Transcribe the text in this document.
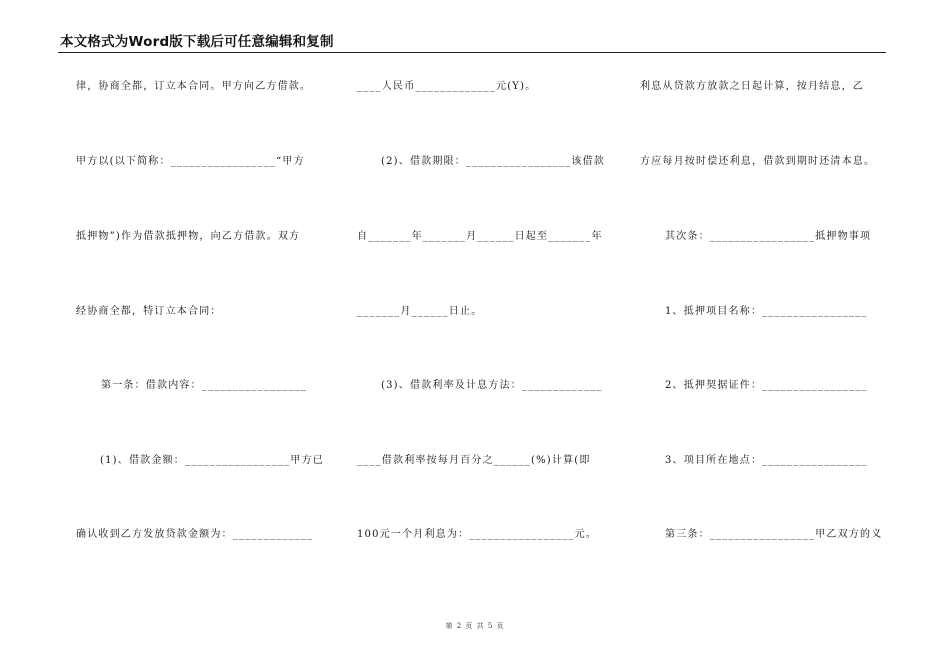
本文格式为Word版下载后可任意编辑和复制
律，协商全都，订立本合同。甲方向乙方借款。
甲方以(以下简称：_________________“甲方
抵押物”)作为借款抵押物，向乙方借款。双方
经协商全都，特订立本合同：
第一条：借款内容：_________________
(1)、借款金额：_________________甲方已
确认收到乙方发放贷款金额为：_____________
____人民币_____________元(Y)。
(2)、借款期限：_________________该借款
自_______年_______月______日起至_______年
_______月______日止。
(3)、借款利率及计息方法：_____________
____借款利率按每月百分之______(%)计算(即
100元一个月利息为：_________________元。
利息从贷款方放款之日起计算，按月结息，乙
方应每月按时偿还利息，借款到期时还清本息。
其次条：_________________抵押物事项
1、抵押项目名称：_________________
2、抵押契据证件：_________________
3、项目所在地点：_________________
第三条：_________________甲乙双方的义
第 2 页 共 5 页
